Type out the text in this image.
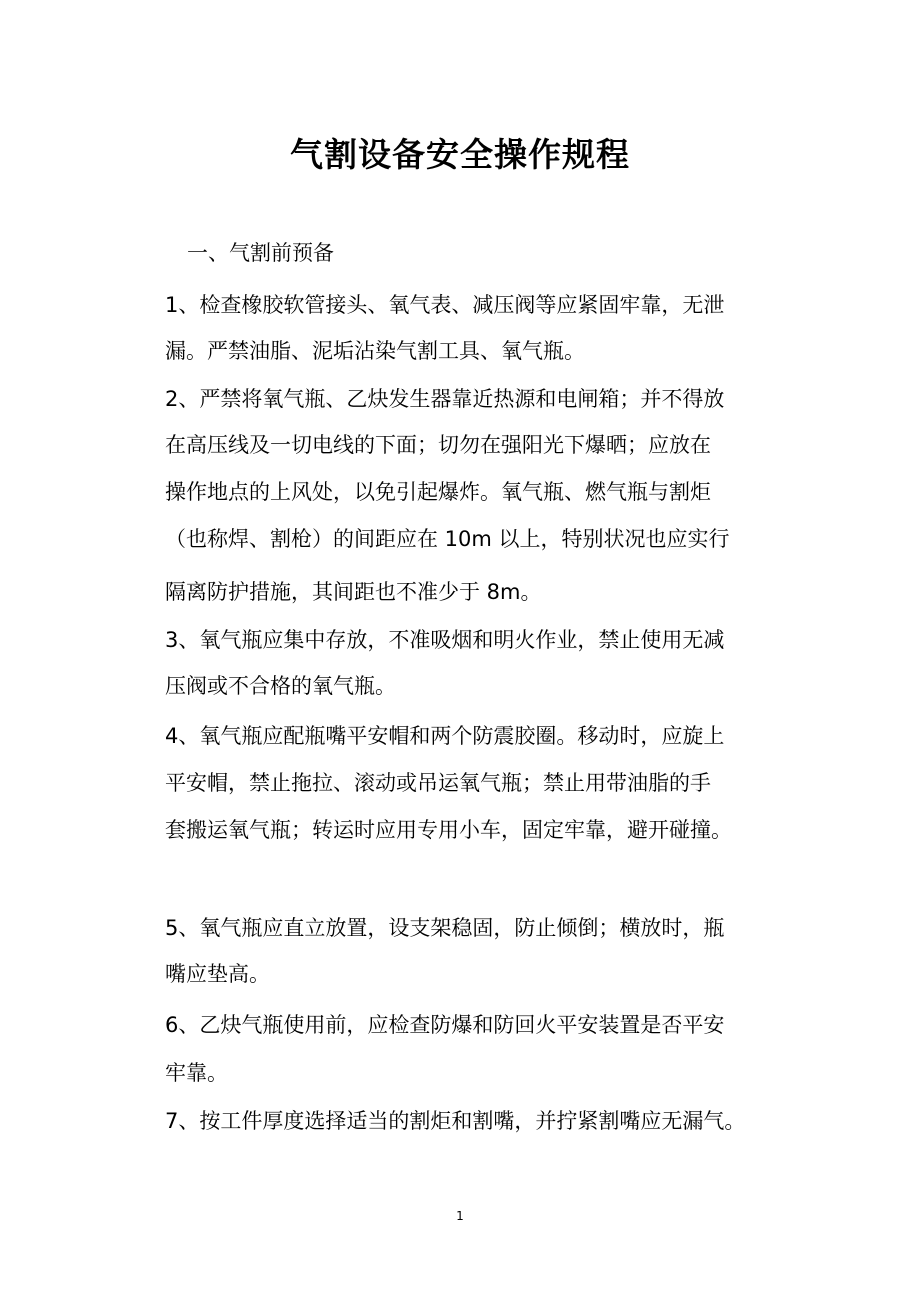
气割设备安全操作规程
一、气割前预备
1、检查橡胶软管接头、氧气表、减压阀等应紧固牢靠，无泄
漏。严禁油脂、泥垢沾染气割工具、氧气瓶。
2、严禁将氧气瓶、乙炔发生器靠近热源和电闸箱；并不得放
在高压线及一切电线的下面；切勿在强阳光下爆晒；应放在
操作地点的上风处，以免引起爆炸。氧气瓶、燃气瓶与割炬
（也称焊、割枪）的间距应在 10m 以上，特别状况也应实行
隔离防护措施，其间距也不准少于 8m。
3、氧气瓶应集中存放，不准吸烟和明火作业，禁止使用无减
压阀或不合格的氧气瓶。
4、氧气瓶应配瓶嘴平安帽和两个防震胶圈。移动时，应旋上
平安帽，禁止拖拉、滚动或吊运氧气瓶；禁止用带油脂的手
套搬运氧气瓶；转运时应用专用小车，固定牢靠，避开碰撞。
5、氧气瓶应直立放置，设支架稳固，防止倾倒；横放时，瓶
嘴应垫高。
6、乙炔气瓶使用前，应检查防爆和防回火平安装置是否平安
牢靠。
7、按工件厚度选择适当的割炬和割嘴，并拧紧割嘴应无漏气。
1
